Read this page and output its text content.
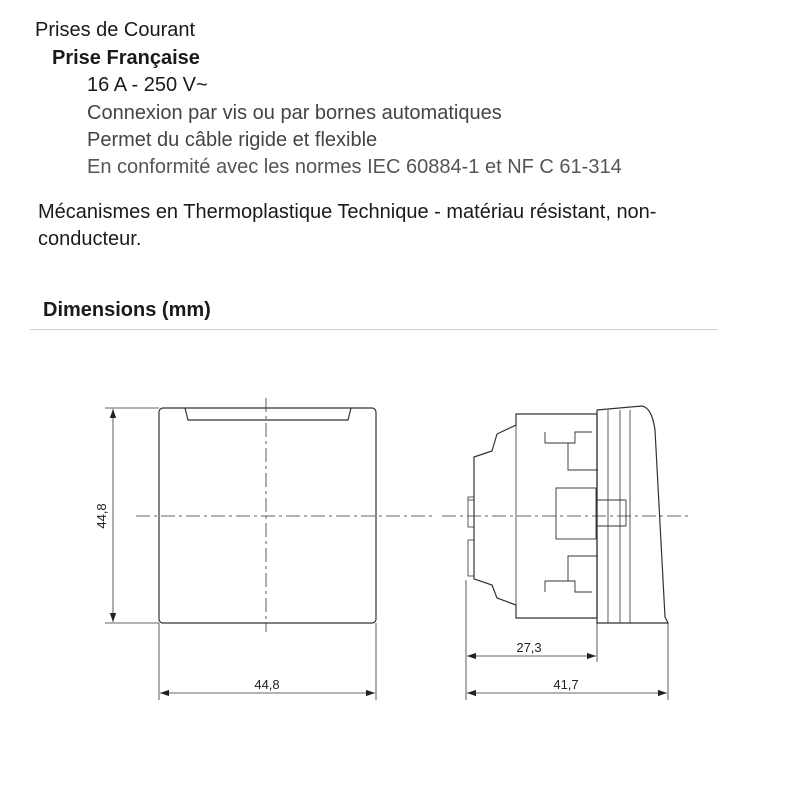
Prises de Courant
Prise Française
16 A - 250 V~
Connexion par vis ou par bornes automatiques
Permet du câble rigide et flexible
En conformité avec les normes IEC 60884-1 et NF C 61-314
Mécanismes en Thermoplastique Technique - matériau résistant, non-conducteur.
Dimensions (mm)
44,8
44,8
27,3
41,7
